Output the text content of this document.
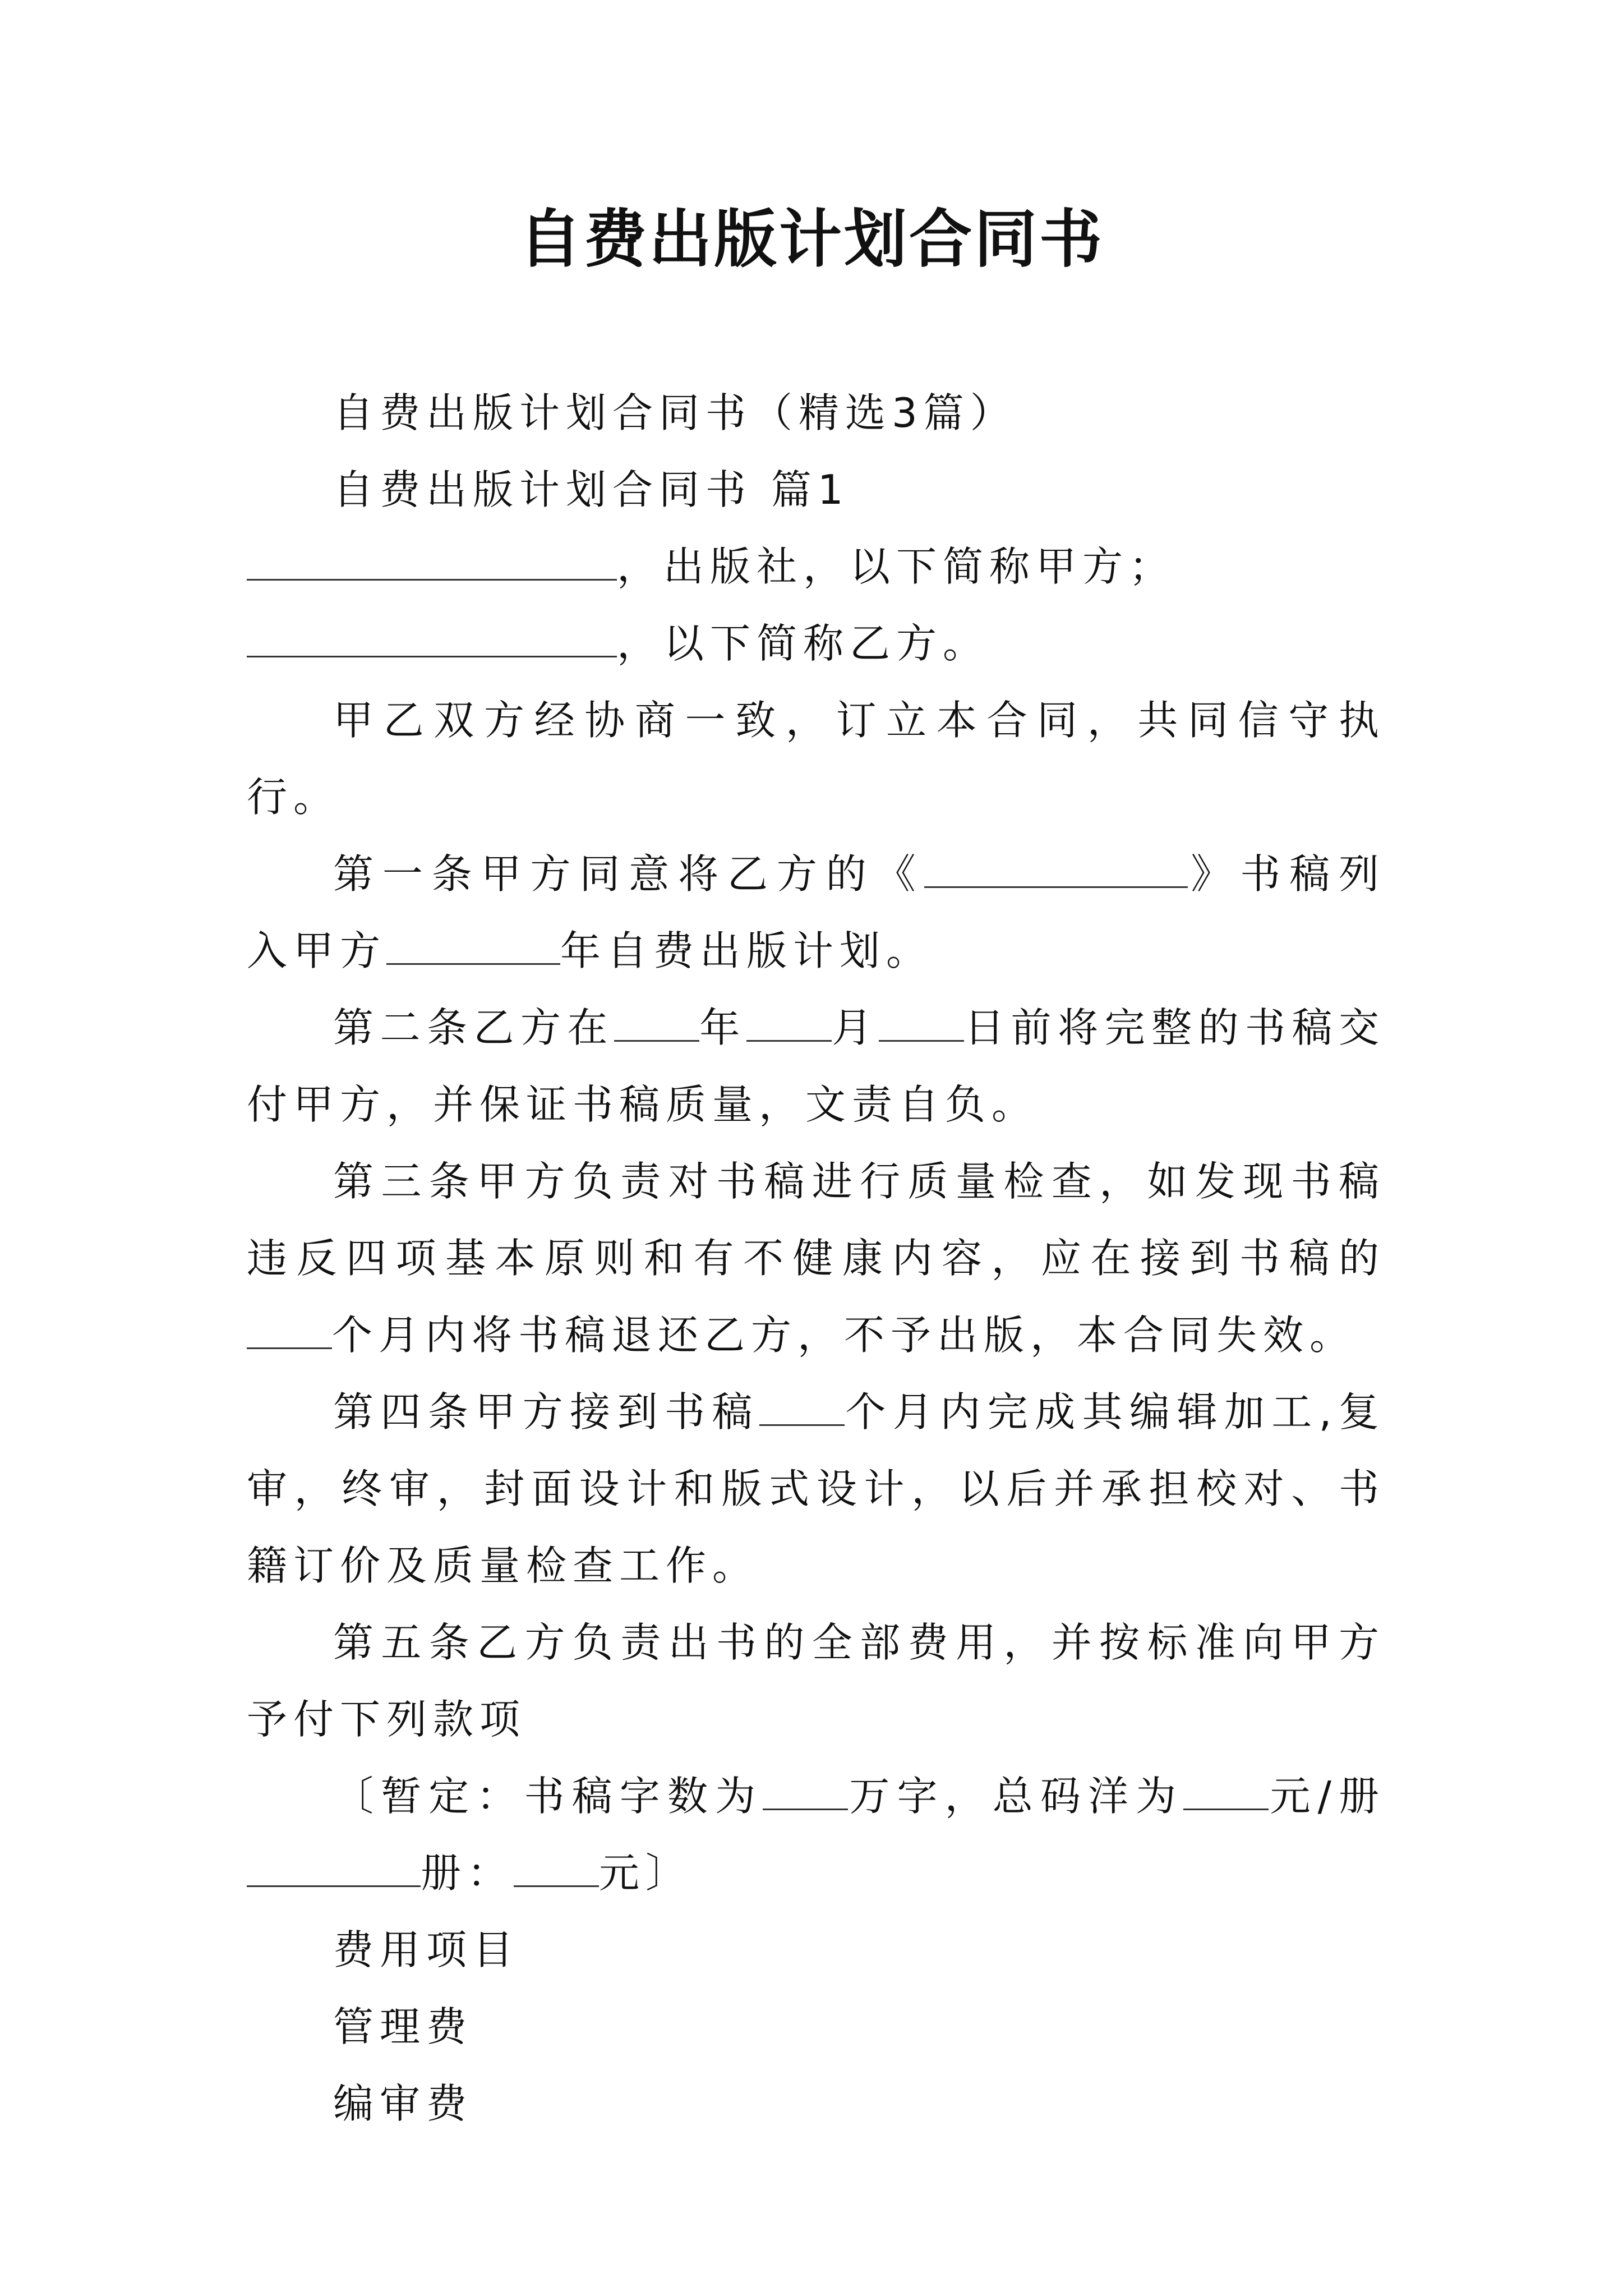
自费出版计划合同书

自费出版计划合同书（精选3篇）

自费出版计划合同书 篇1

，出版社，以下简称甲方；

，以下简称乙方。

甲乙双方经协商一致，订立本合同，共同信守执行。

第一条甲方同意将乙方的《	》书稿列入甲方	年自费出版计划。

第二条乙方在 年 月 日前将完整的书稿交付甲方，并保证书稿质量，文责自负。

第三条甲方负责对书稿进行质量检查，如发现书稿违反四项基本原则和有不健康内容，应在接到书稿的个月内将书稿退还乙方，不予出版，本合同失效。

第四条甲方接到书稿 个月内完成其编辑加工,复审，终审，封面设计和版式设计，以后并承担校对、书籍订价及质量检查工作。

第五条乙方负责出书的全部费用，并按标准向甲方予付下列款项

〔暂定：书稿字数为 万字，总码洋为 元/册册： 元〕

费用项目

管理费

编审费
